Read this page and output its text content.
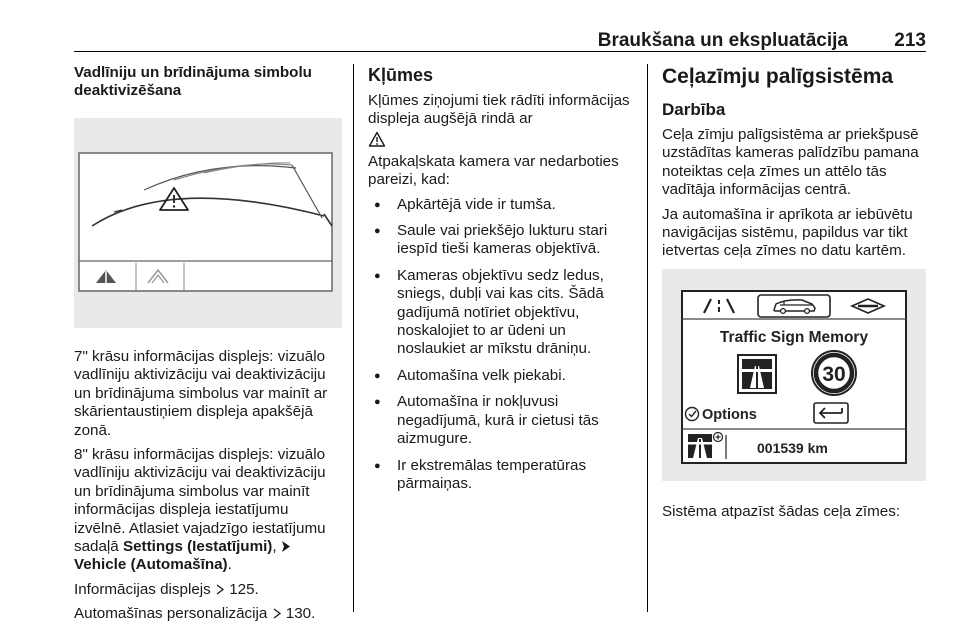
Braukšana un ekspluatācija 213
Vadlīniju un brīdinājuma simbolu deaktivizēšana

7" krāsu informācijas displejs: vizuālo vadlīniju aktivizāciju vai deaktivizāciju un brīdinājuma simbolus var mainīt ar skārientaustiņiem displeja apakšējā zonā.

8" krāsu informācijas displejs: vizuālo vadlīniju aktivizāciju vai deaktivizāciju un brīdinājuma simbolus var mainīt informācijas displeja iestatījumu izvēlnē. Atlasiet vajadzīgo iestatījumu sadaļā Settings (Iestatījumi),
Vehicle (Automašīna).

Informācijas displejs  125.

Automašīnas personalizācija  130.

Kļūmes

Kļūmes ziņojumi tiek rādīti informācijas displeja augšējā rindā ar

Atpakaļskata kamera var nedarboties pareizi, kad:

● Apkārtējā vide ir tumša.
● Saule vai priekšējo lukturu stari iespīd tieši kameras objektīvā.
● Kameras objektīvu sedz ledus, sniegs, dubļi vai kas cits. Šādā gadījumā notīriet objektīvu, noskalojiet to ar ūdeni un noslaukiet ar mīkstu drāniņu.
● Automašīna velk piekabi.
● Automašīna ir nokļuvusi negadījumā, kurā ir cietusi tās aizmugure.
● Ir ekstremālas temperatūras pārmaiņas.
Ceļazīmju palīgsistēma
Darbība

Ceļa zīmju palīgsistēma ar priekšpusē uzstādītas kameras palīdzību pamana noteiktas ceļa zīmes un attēlo tās vadītāja informācijas centrā.

Ja automašīna ir aprīkota ar iebūvētu navigācijas sistēmu, papildus var tikt ietvertas ceļa zīmes no datu kartēm.

Traffic Sign Memory
30
Options
001539 km

Sistēma atpazīst šādas ceļa zīmes:
